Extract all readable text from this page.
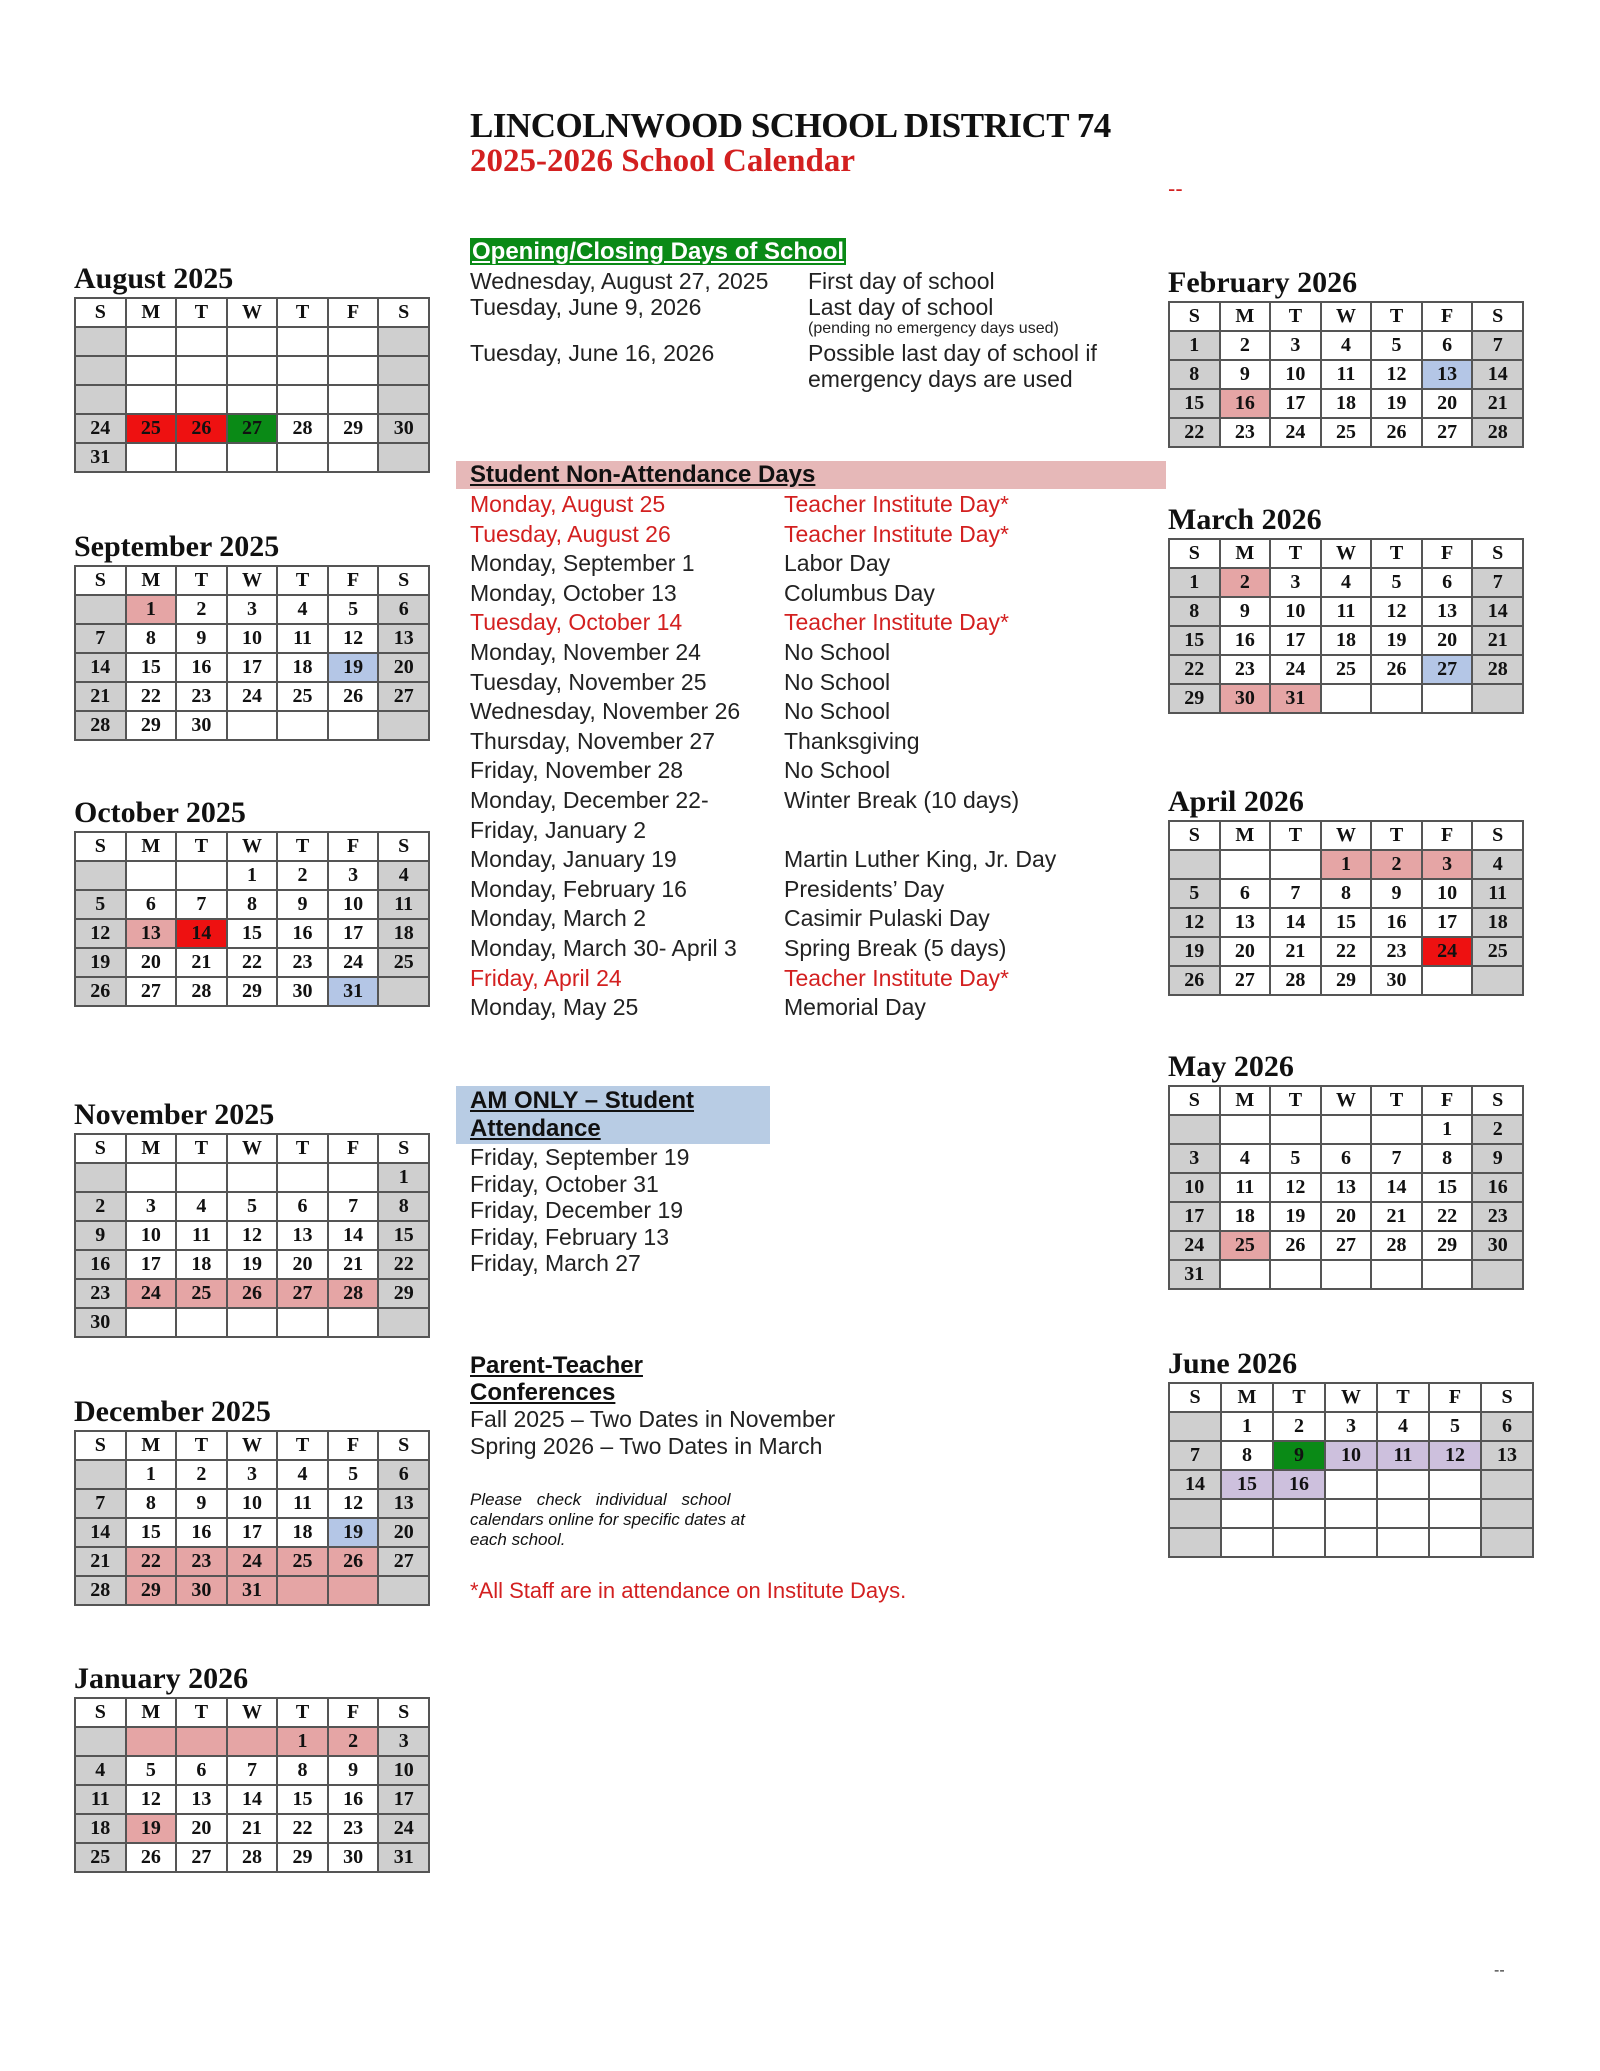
LINCOLNWOOD SCHOOL DISTRICT 74
2025-2026 School Calendar
--
--
August 2025
S	M	T	W	T	F	S

24	25	26	27	28	29	30
31						
September 2025
S	M	T	W	T	F	S
	1	2	3	4	5	6
7	8	9	10	11	12	13
14	15	16	17	18	19	20
21	22	23	24	25	26	27
28	29	30				
October 2025
S	M	T	W	T	F	S
			1	2	3	4
5	6	7	8	9	10	11
12	13	14	15	16	17	18
19	20	21	22	23	24	25
26	27	28	29	30	31	
November 2025
S	M	T	W	T	F	S
						1
2	3	4	5	6	7	8
9	10	11	12	13	14	15
16	17	18	19	20	21	22
23	24	25	26	27	28	29
30						
December 2025
S	M	T	W	T	F	S
	1	2	3	4	5	6
7	8	9	10	11	12	13
14	15	16	17	18	19	20
21	22	23	24	25	26	27
28	29	30	31			
January 2026
S	M	T	W	T	F	S
				1	2	3
4	5	6	7	8	9	10
11	12	13	14	15	16	17
18	19	20	21	22	23	24
25	26	27	28	29	30	31
February 2026
S	M	T	W	T	F	S
1	2	3	4	5	6	7
8	9	10	11	12	13	14
15	16	17	18	19	20	21
22	23	24	25	26	27	28
March 2026
S	M	T	W	T	F	S
1	2	3	4	5	6	7
8	9	10	11	12	13	14
15	16	17	18	19	20	21
22	23	24	25	26	27	28
29	30	31				
April 2026
S	M	T	W	T	F	S
			1	2	3	4
5	6	7	8	9	10	11
12	13	14	15	16	17	18
19	20	21	22	23	24	25
26	27	28	29	30		
May 2026
S	M	T	W	T	F	S
					1	2
3	4	5	6	7	8	9
10	11	12	13	14	15	16
17	18	19	20	21	22	23
24	25	26	27	28	29	30
31						
June 2026
S	M	T	W	T	F	S
	1	2	3	4	5	6
7	8	9	10	11	12	13
14	15	16				

Opening/Closing Days of School
Wednesday, August 27, 2025 First day of school
Tuesday, June 9, 2026	Last day of school
(pending no emergency days used)
Tuesday, June 16, 2026	Possible last day of school if
emergency days are used
Student Non-Attendance Days
Monday, August 25	Teacher Institute Day*
Tuesday, August 26	Teacher Institute Day*
Monday, September 1	Labor Day
Monday, October 13	Columbus Day
Tuesday, October 14	Teacher Institute Day*
Monday, November 24	No School
Tuesday, November 25	No School
Wednesday, November 26 No School
Thursday, November 27	Thanksgiving
Friday, November 28	No School
Monday, December 22-	Winter Break (10 days)
Friday, January 2
Monday, January 19	Martin Luther King, Jr. Day
Monday, February 16	Presidents’ Day
Monday, March 2	Casimir Pulaski Day
Monday, March 30- April 3 Spring Break (5 days)
Friday, April 24	Teacher Institute Day*
Monday, May 25	Memorial Day
AM ONLY – Student
Attendance
Friday, September 19
Friday, October 31
Friday, December 19
Friday, February 13
Friday, March 27
Parent-Teacher
Conferences
Fall 2025 – Two Dates in November
Spring 2026 – Two Dates in March
Please check individual school
calendars online for specific dates at
each school.
*All Staff are in attendance on Institute Days.
